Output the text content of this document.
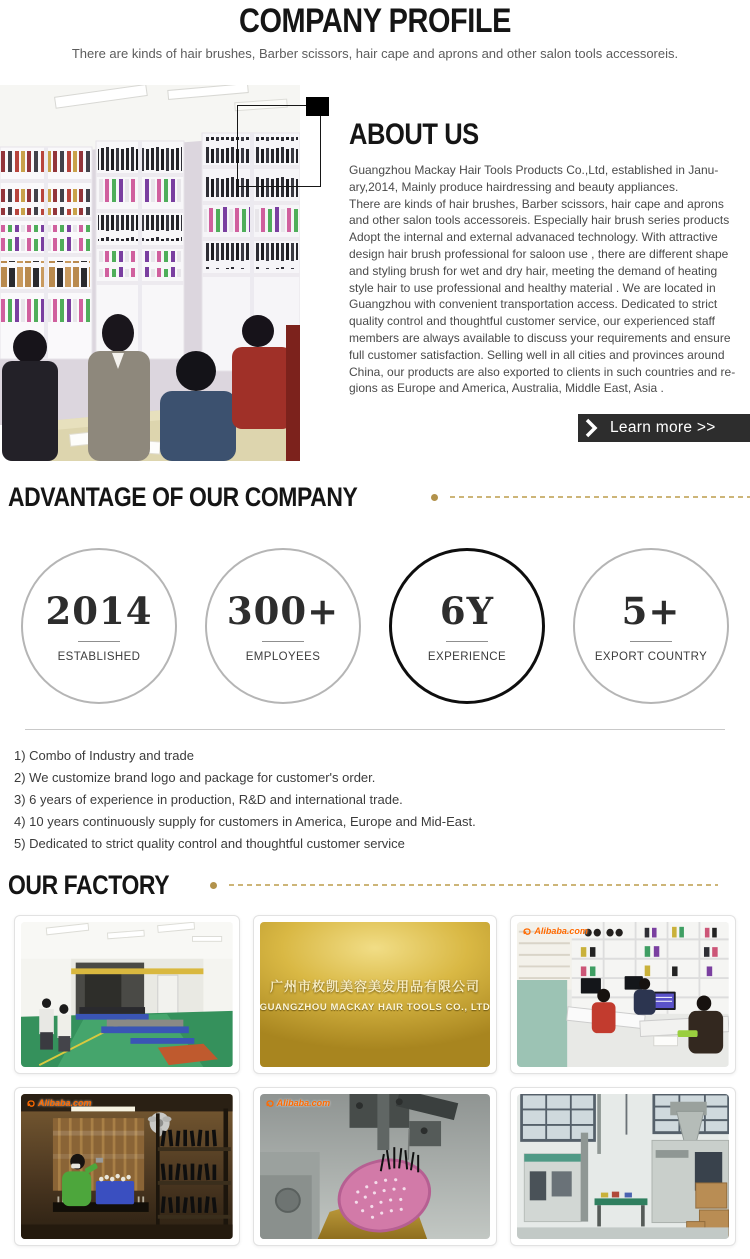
COMPANY PROFILE
There are kinds of hair brushes, Barber scissors, hair cape and aprons and other salon tools accessoreis.
ABOUT US
Guangzhou Mackay Hair Tools Products Co.,Ltd, established in Janu-
ary,2014, Mainly produce hairdressing and beauty appliances.
There are kinds of hair brushes, Barber scissors, hair cape and aprons
and other salon tools accessoreis. Especially hair brush series products
Adopt the internal and external advanaced technology. With attractive
design hair brush professional for saloon use , there are different shape
and styling brush for wet and dry hair, meeting the demand of heating
style hair to use professional and healthy material . We are located in
Guangzhou with convenient transportation access. Dedicated to strict
quality control and thoughtful customer service, our experienced staff
members are always available to discuss your requirements and ensure
full customer satisfaction. Selling well in all cities and provinces around
China, our products are also exported to clients in such countries and re-
gions as Europe and America, Australia, Middle East, Asia .
Learn more >>
ADVANTAGE OF OUR COMPANY
2014
ESTABLISHED
300+
EMPLOYEES
6Y
EXPERIENCE
5+
EXPORT COUNTRY
1) Combo of Industry and trade
2) We customize brand logo and package for customer's order.
3) 6 years of experience in production, R&D and international trade.
4) 10 years continuously supply for customers in America, Europe and Mid-East.
5) Dedicated to strict quality control and thoughtful customer service
OUR FACTORY
广州市枚凯美容美发用品有限公司
GUANGZHOU MACKAY HAIR TOOLS CO., LTD
Alibaba.com
Alibaba.com	Alibaba.com
